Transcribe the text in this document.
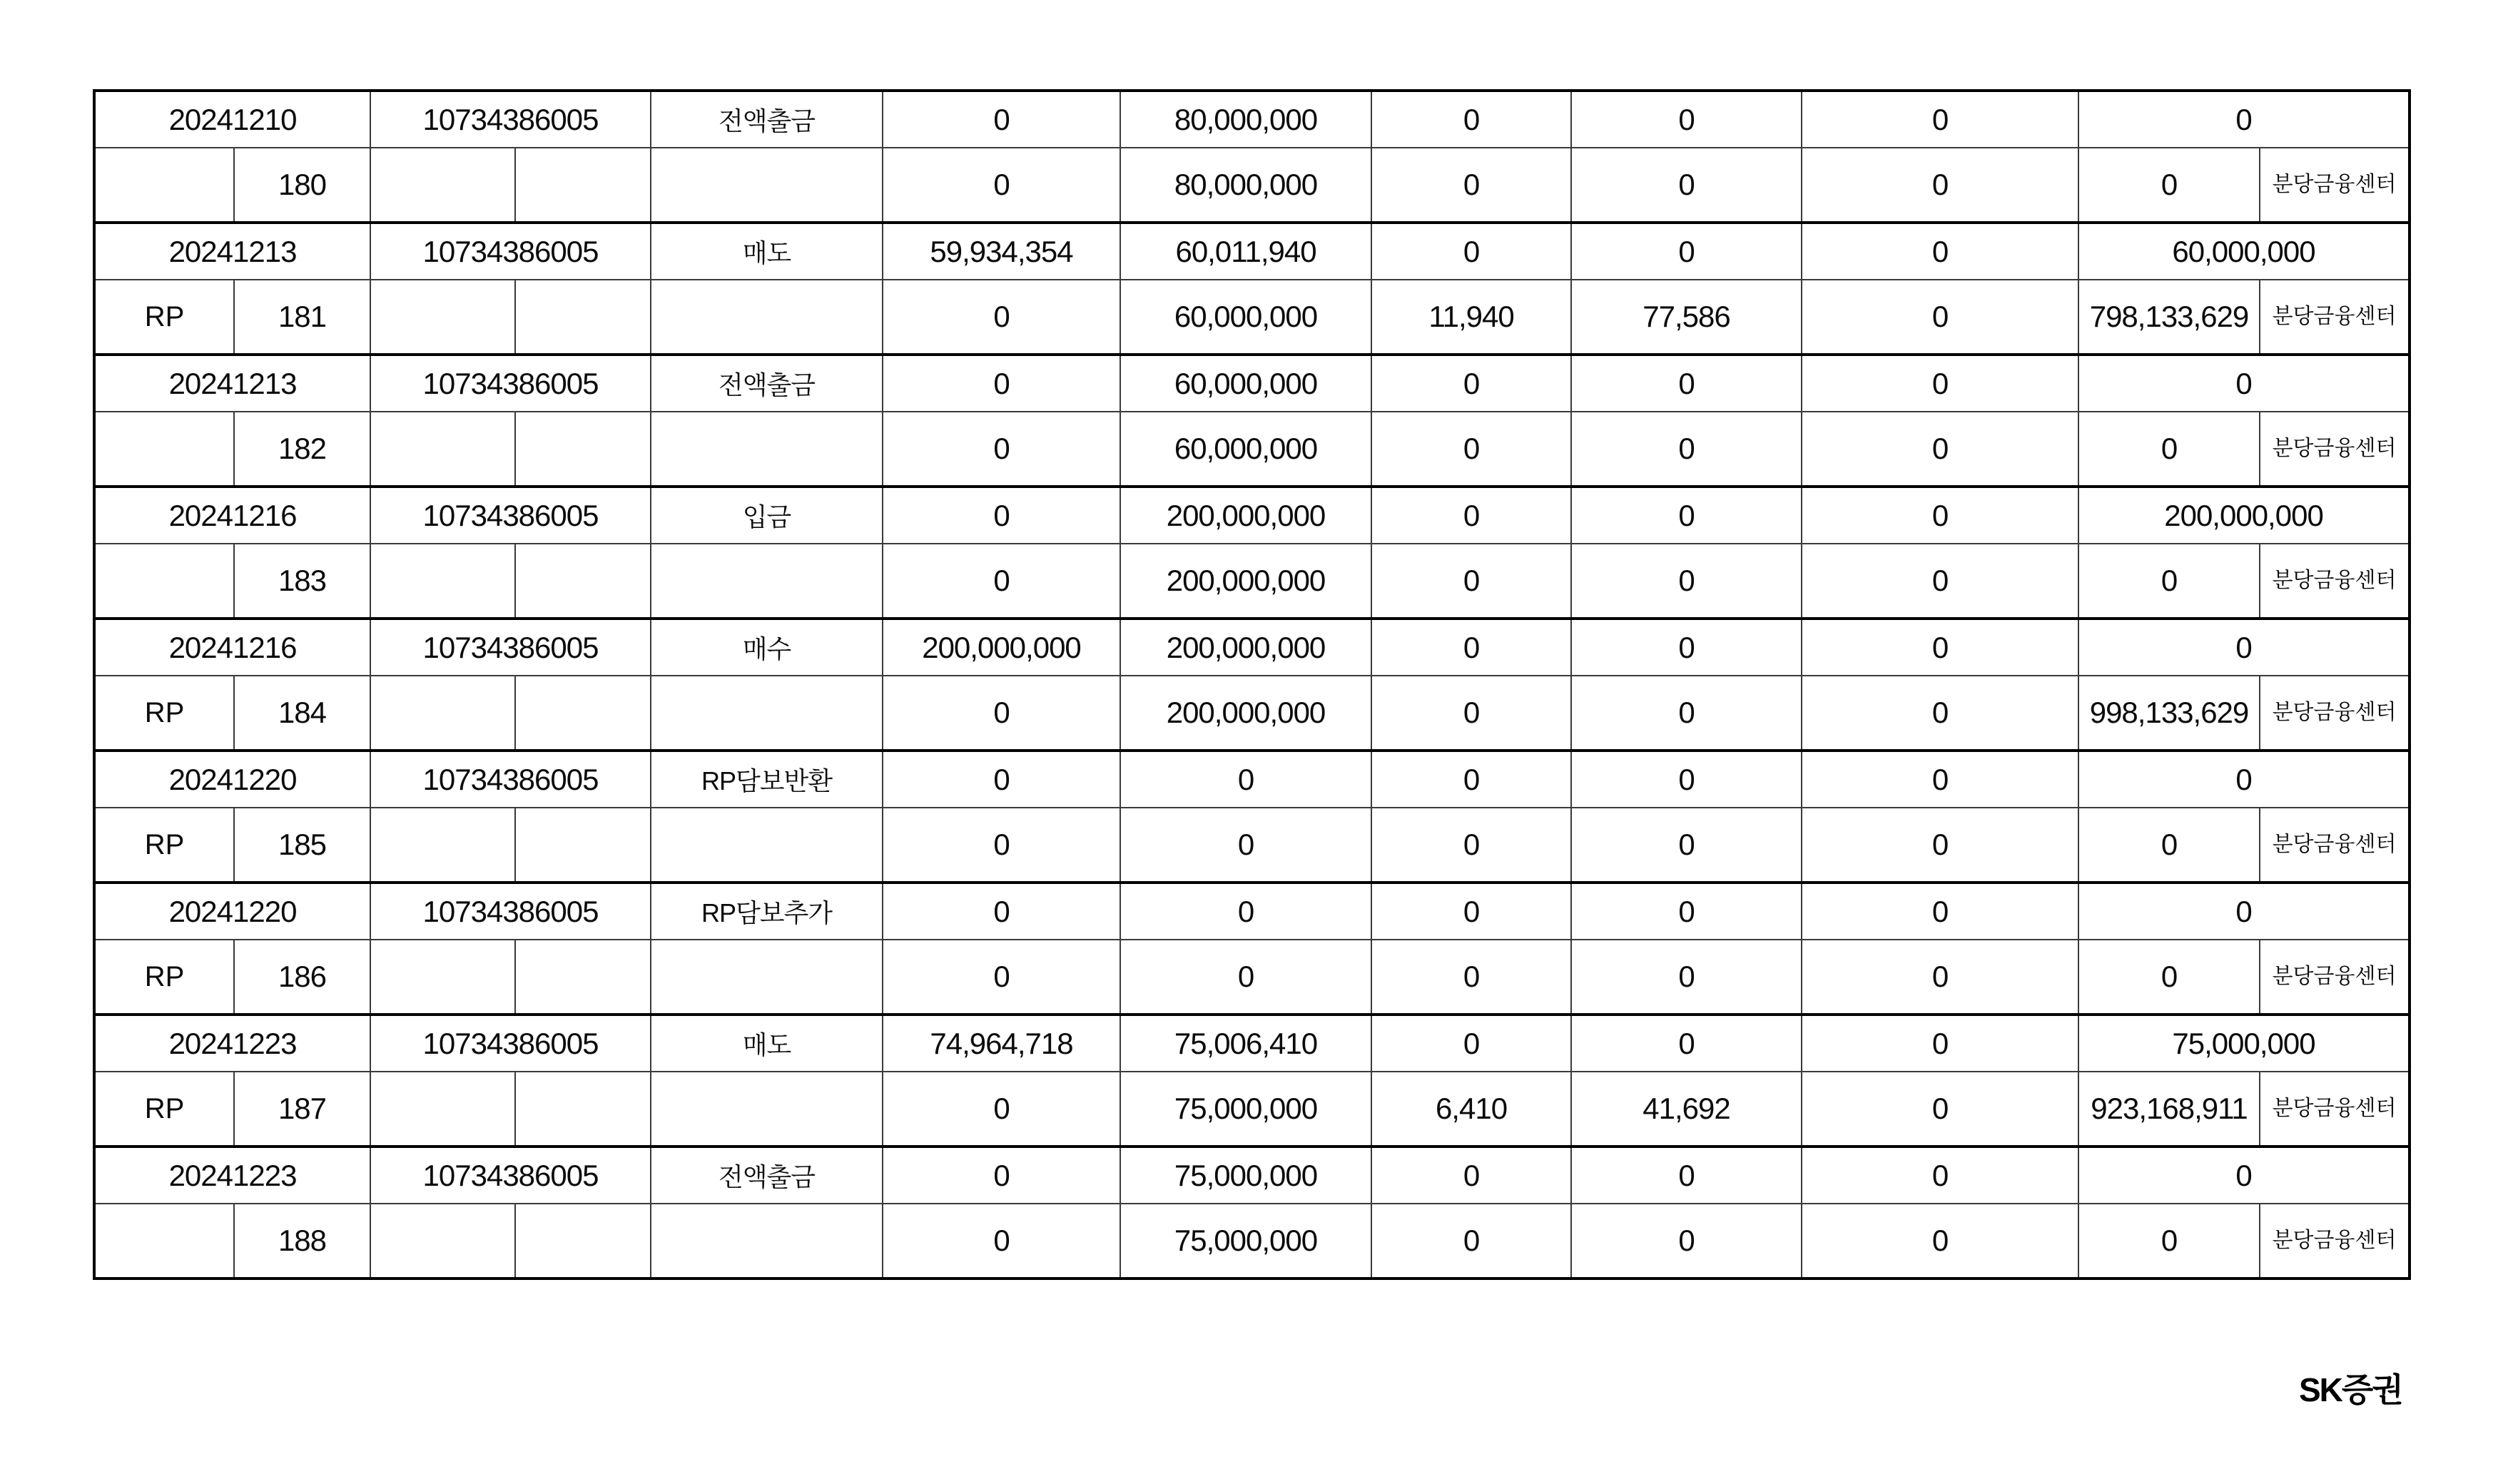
20241210		10734386005		전액출금	0	80,000,000	0	0	0	0	
	180				0	80,000,000	0	0	0	0	분당금융센터
20241213		10734386005		매도	59,934,354	60,011,940	0	0	0	60,000,000	
RP	181				0	60,000,000	11,940	77,586	0	798,133,629	분당금융센터
20241213		10734386005		전액출금	0	60,000,000	0	0	0	0	
	182				0	60,000,000	0	0	0	0	분당금융센터
20241216		10734386005		입금	0	200,000,000	0	0	0	200,000,000	
	183				0	200,000,000	0	0	0	0	분당금융센터
20241216		10734386005		매수	200,000,000	200,000,000	0	0	0	0	
RP	184				0	200,000,000	0	0	0	998,133,629	분당금융센터
20241220		10734386005		RP담보반환	0	0	0	0	0	0	
RP	185				0	0	0	0	0	0	분당금융센터
20241220		10734386005		RP담보추가	0	0	0	0	0	0	
RP	186				0	0	0	0	0	0	분당금융센터
20241223		10734386005		매도	74,964,718	75,006,410	0	0	0	75,000,000	
RP	187				0	75,000,000	6,410	41,692	0	923,168,911	분당금융센터
20241223		10734386005		전액출금	0	75,000,000	0	0	0	0	
	188				0	75,000,000	0	0	0	0	분당금융센터
SK증권
